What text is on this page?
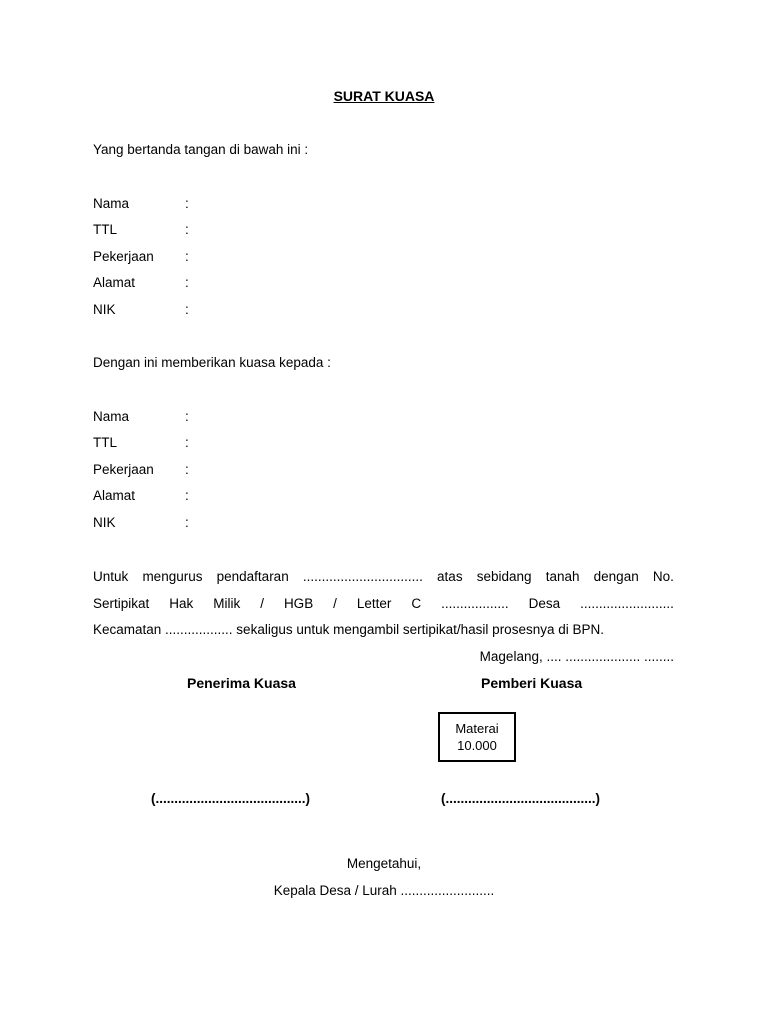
SURAT KUASA
Yang bertanda tangan di bawah ini :
Nama	:
TTL	:
Pekerjaan :
Alamat	:
NIK	:
Dengan ini memberikan kuasa kepada :
Nama	:
TTL	:
Pekerjaan :
Alamat	:
NIK	:
Untuk mengurus pendaftaran ................................ atas sebidang tanah dengan No.
Sertipikat Hak Milik / HGB / Letter C .................. Desa .........................
Kecamatan .................. sekaligus untuk mengambil sertipikat/hasil prosesnya di BPN.
Magelang, .... .................... ........
Penerima Kuasa	Pemberi Kuasa
Materai
10.000
(........................................)	(........................................)
Mengetahui,
Kepala Desa / Lurah .........................
